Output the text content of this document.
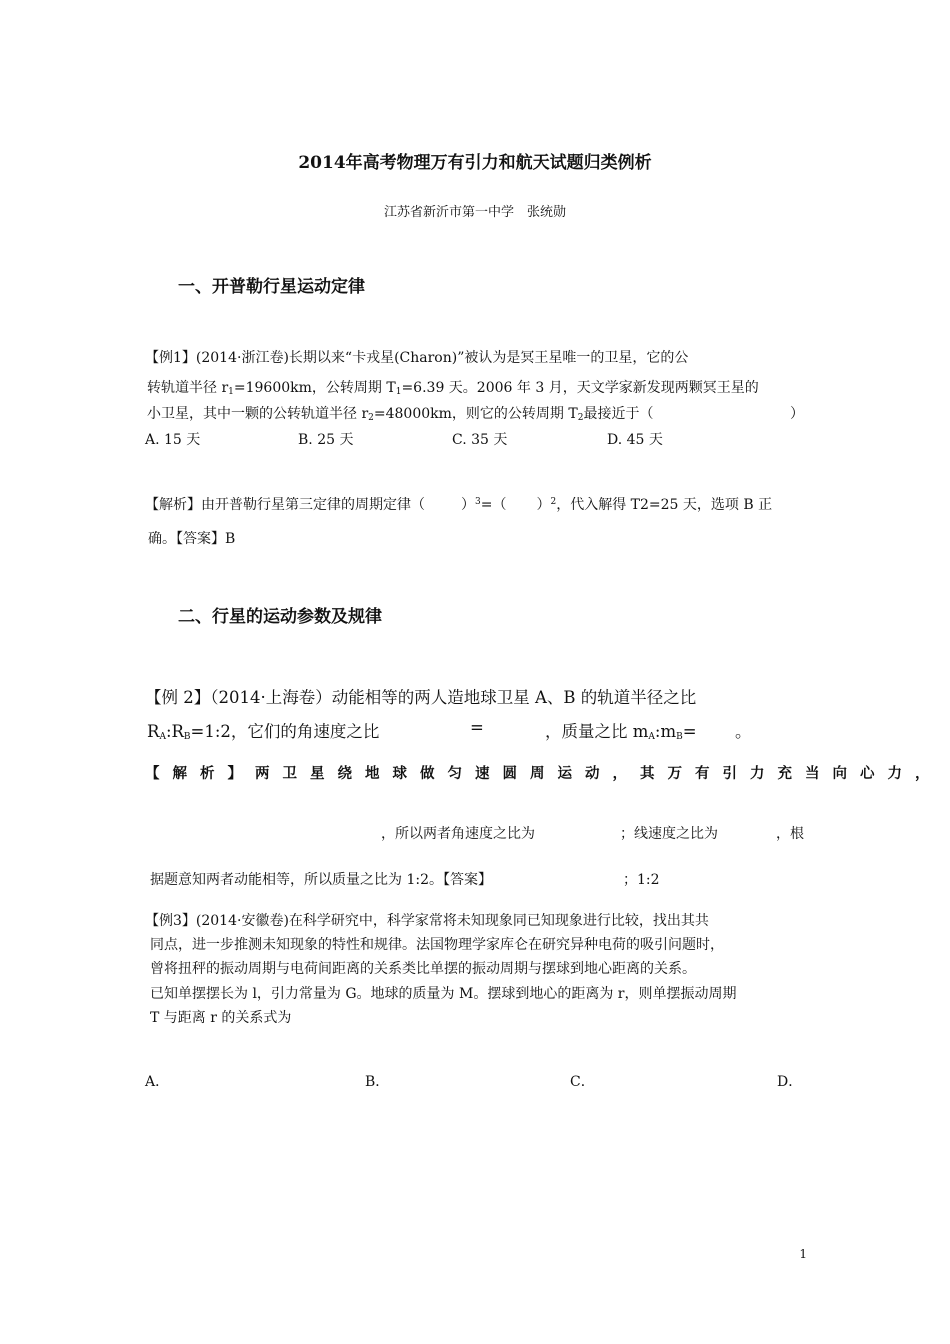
2014年高考物理万有引力和航天试题归类例析
江苏省新沂市第一中学　张统勋
一、开普勒行星运动定律
【例1】(2014·浙江卷)长期以来“卡戎星(Charon)”被认为是冥王星唯一的卫星，它的公
转轨道半径 $r_1=19600km$，公转周期 $T_1=6.39$ 天。2006 年 3 月，天文学家新发现两颗冥王星的
小卫星，其中一颗的公转轨道半径 $r_2=48000km$，则它的公转周期 $T_2$最接近于（	）
A. 15 天	B. 25 天	C. 35 天	D. 45 天
【解析】由开普勒行星第三定律的周期定律（	）$^3$=（ ）$^2$，代入解得 T2=25 天，选项 B 正
确。【答案】B
二、行星的运动参数及规律
【例 2】（2014·上海卷）动能相等的两人造地球卫星 A、B 的轨道半径之比
$R_A:R_B=1:2$，它们的角速度之比	=	，质量之比 $m_A:m_B=$ 。
【解析】两卫星绕地球做匀速圆周运动，其万有引力充当向心力，
，所以两者角速度之比为	；线速度之比为	，根
据题意知两者动能相等，所以质量之比为 1:2。【答案】	；1:2
【例3】(2014·安徽卷)在科学研究中，科学家常将未知现象同已知现象进行比较，找出其共
同点，进一步推测未知现象的特性和规律。法国物理学家库仑在研究异种电荷的吸引问题时，
曾将扭秤的振动周期与电荷间距离的关系类比单摆的振动周期与摆球到地心距离的关系。
已知单摆摆长为 l，引力常量为 G。地球的质量为 M。摆球到地心的距离为 r，则单摆振动周期
T 与距离 r 的关系式为
A．	B．	C．	D．
1
